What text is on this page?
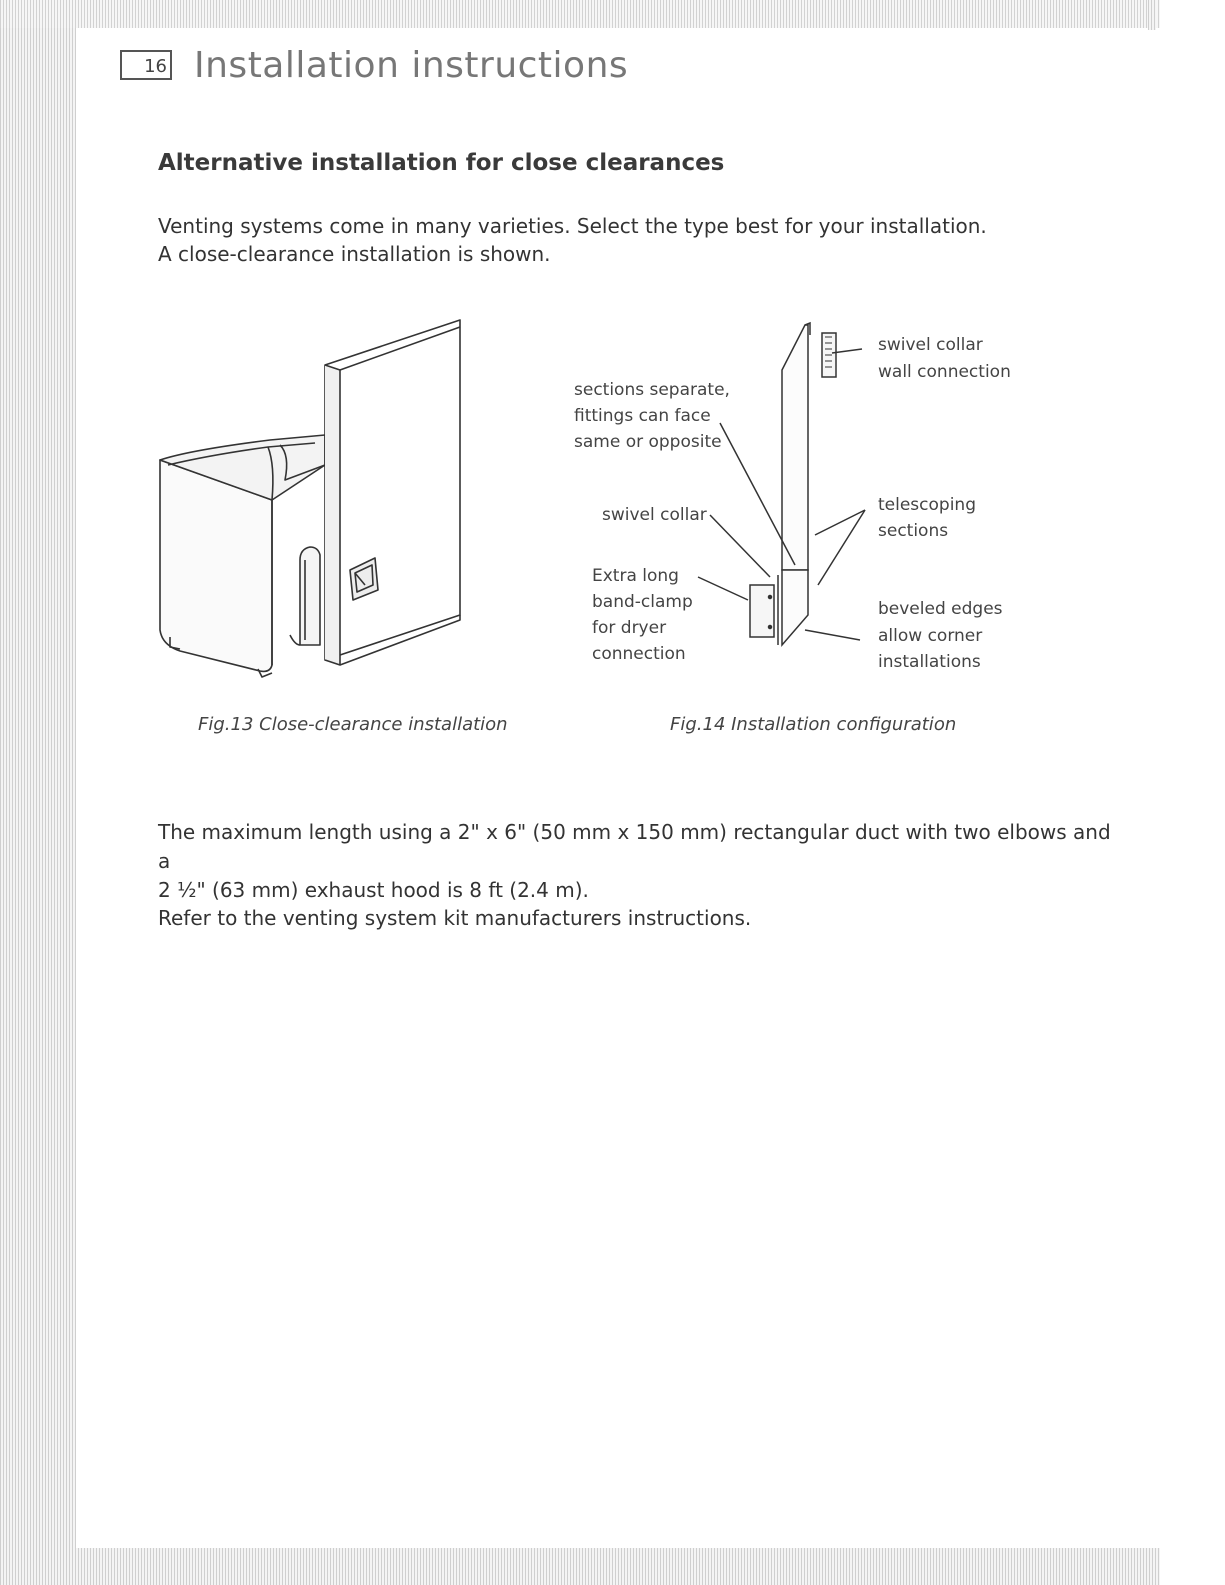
16 Installation instructions
Alternative installation for close clearances

Venting systems come in many varieties. Select the type best for your installation.

A close-clearance installation is shown.

Fig.13 Close-clearance installation
swivel collar
wall connection
sections separate,
fittings can face
same or opposite
swivel collar	telescoping
sections
Extra long
band-clamp
for dryer
connection
beveled edges
allow corner
installations
Fig.14 Installation configuration

The maximum length using a 2" x 6" (50 mm x 150 mm) rectangular duct with two elbows and a

2 ½" (63 mm) exhaust hood is 8 ft (2.4 m).

Refer to the venting system kit manufacturers instructions.
